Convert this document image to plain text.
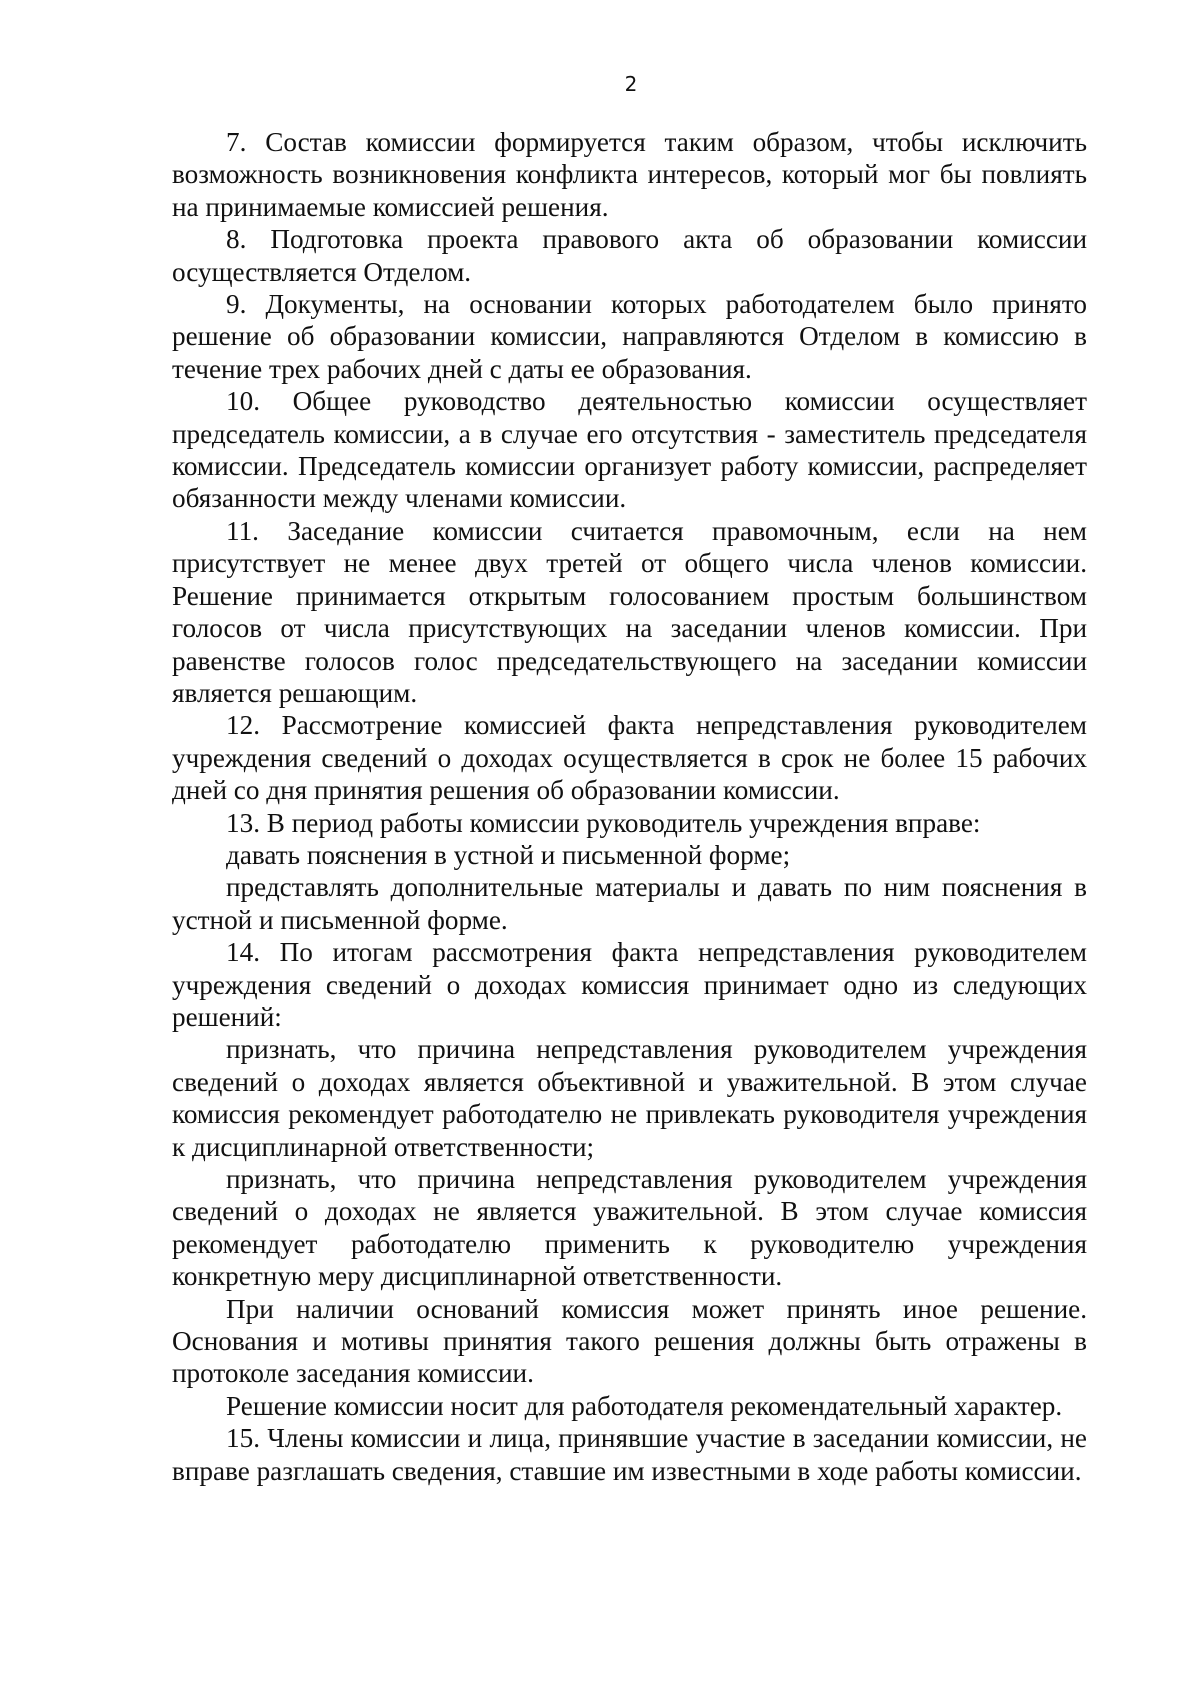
2

7. Состав комиссии формируется таким образом, чтобы исключить возможность возникновения конфликта интересов, который мог бы повлиять на принимаемые комиссией решения.

8. Подготовка проекта правового акта об образовании комиссии осуществляется Отделом.

9. Документы, на основании которых работодателем было принято решение об образовании комиссии, направляются Отделом в комиссию в течение трех рабочих дней с даты ее образования.

10. Общее руководство деятельностью комиссии осуществляет председатель комиссии, а в случае его отсутствия - заместитель председателя комиссии. Председатель комиссии организует работу комиссии, распределяет обязанности между членами комиссии.

11. Заседание комиссии считается правомочным, если на нем присутствует не менее двух третей от общего числа членов комиссии. Решение принимается открытым голосованием простым большинством голосов от числа присутствующих на заседании членов комиссии. При равенстве голосов голос председательствующего на заседании комиссии является решающим.

12. Рассмотрение комиссией факта непредставления руководителем учреждения сведений о доходах осуществляется в срок не более 15 рабочих дней со дня принятия решения об образовании комиссии.

13. В период работы комиссии руководитель учреждения вправе:

давать пояснения в устной и письменной форме;

представлять дополнительные материалы и давать по ним пояснения в устной и письменной форме.

14. По итогам рассмотрения факта непредставления руководителем учреждения сведений о доходах комиссия принимает одно из следующих решений:

признать, что причина непредставления руководителем учреждения сведений о доходах является объективной и уважительной. В этом случае комиссия рекомендует работодателю не привлекать руководителя учреждения к дисциплинарной ответственности;

признать, что причина непредставления руководителем учреждения сведений о доходах не является уважительной. В этом случае комиссия рекомендует работодателю применить к руководителю учреждения конкретную меру дисциплинарной ответственности.

При наличии оснований комиссия может принять иное решение. Основания и мотивы принятия такого решения должны быть отражены в протоколе заседания комиссии.

Решение комиссии носит для работодателя рекомендательный характер.

15. Члены комиссии и лица, принявшие участие в заседании комиссии, не вправе разглашать сведения, ставшие им известными в ходе работы комиссии.
